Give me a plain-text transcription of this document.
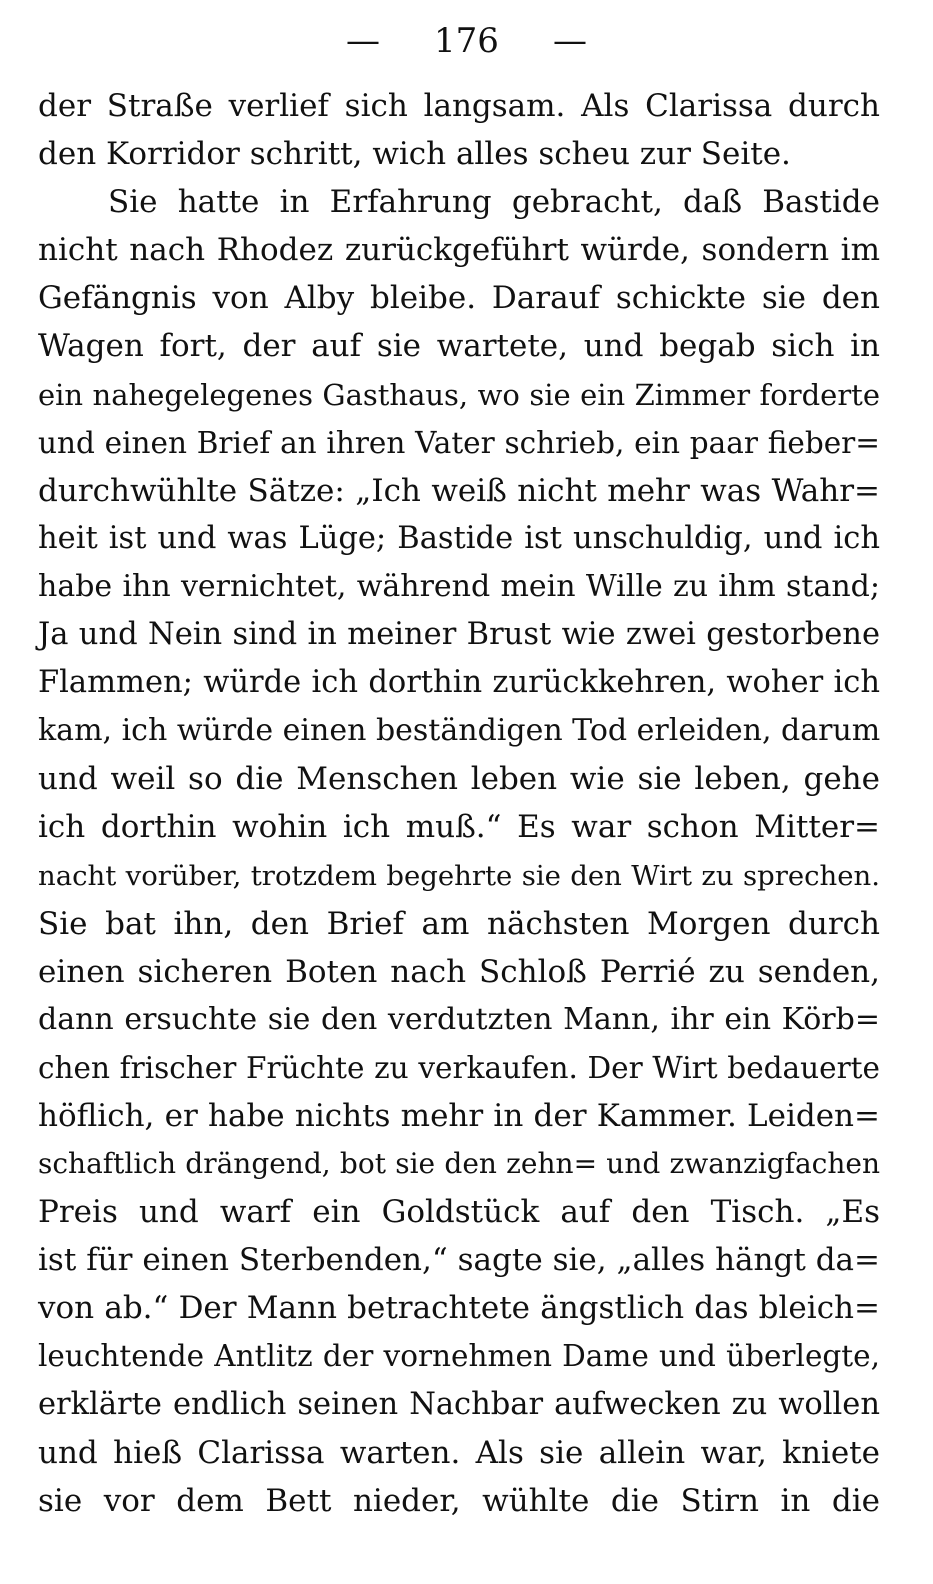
— 176 —
der Straße verlief sich langsam. Als Clarissa durch
den Korridor schritt, wich alles scheu zur Seite.
Sie hatte in Erfahrung gebracht, daß Bastide
nicht nach Rhodez zurückgeführt würde, sondern im
Gefängnis von Alby bleibe. Darauf schickte sie den
Wagen fort, der auf sie wartete, und begab sich in
ein nahegelegenes Gasthaus, wo sie ein Zimmer forderte
und einen Brief an ihren Vater schrieb, ein paar fieber=
durchwühlte Sätze: „Ich weiß nicht mehr was Wahr=
heit ist und was Lüge; Bastide ist unschuldig, und ich
habe ihn vernichtet, während mein Wille zu ihm stand;
Ja und Nein sind in meiner Brust wie zwei gestorbene
Flammen; würde ich dorthin zurückkehren, woher ich
kam, ich würde einen beständigen Tod erleiden, darum
und weil so die Menschen leben wie sie leben, gehe
ich dorthin wohin ich muß.“ Es war schon Mitter=
nacht vorüber, trotzdem begehrte sie den Wirt zu sprechen.
Sie bat ihn, den Brief am nächsten Morgen durch
einen sicheren Boten nach Schloß Perrié zu senden,
dann ersuchte sie den verdutzten Mann, ihr ein Körb=
chen frischer Früchte zu verkaufen. Der Wirt bedauerte
höflich, er habe nichts mehr in der Kammer. Leiden=
schaftlich drängend, bot sie den zehn= und zwanzigfachen
Preis und warf ein Goldstück auf den Tisch. „Es
ist für einen Sterbenden,“ sagte sie, „alles hängt da=
von ab.“ Der Mann betrachtete ängstlich das bleich=
leuchtende Antlitz der vornehmen Dame und überlegte,
erklärte endlich seinen Nachbar aufwecken zu wollen
und hieß Clarissa warten. Als sie allein war, kniete
sie vor dem Bett nieder, wühlte die Stirn in die
